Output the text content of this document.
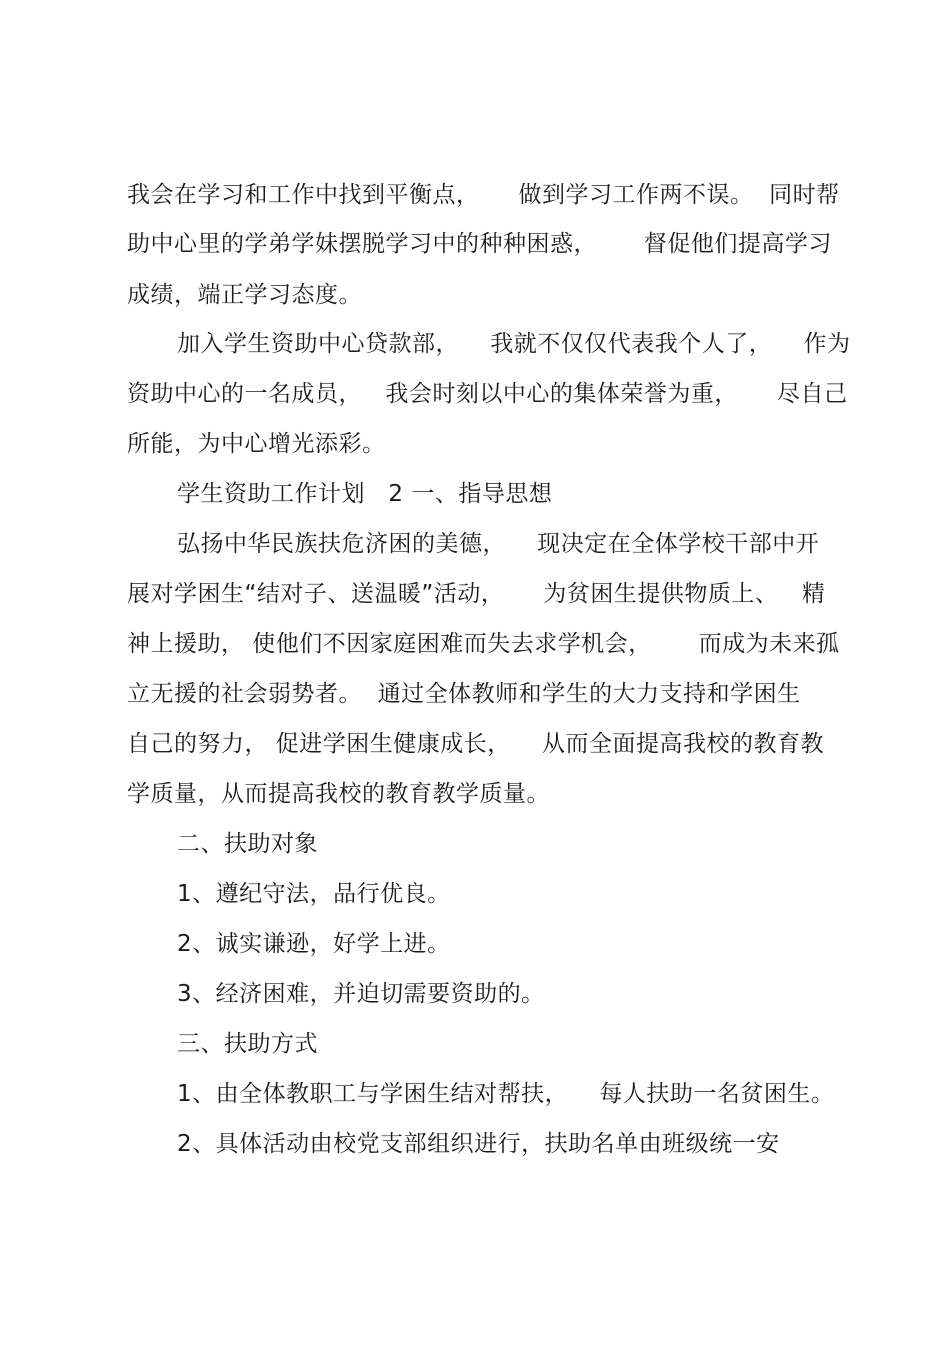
我会在学习和工作中找到平衡点，     做到学习工作两不误。  同时帮
助中心里的学弟学妹摆脱学习中的种种困惑，      督促他们提高学习
成绩，端正学习态度。
加入学生资助中心贷款部，    我就不仅仅代表我个人了，    作为
资助中心的一名成员，   我会时刻以中心的集体荣誉为重，     尽自己
所能，为中心增光添彩。
学生资助工作计划   2 一、指导思想
弘扬中华民族扶危济困的美德，    现决定在全体学校干部中开
展对学困生“结对子、送温暖”活动，     为贫困生提供物质上、   精
神上援助， 使他们不因家庭困难而失去求学机会，      而成为未来孤
立无援的社会弱势者。  通过全体教师和学生的大力支持和学困生
自己的努力， 促进学困生健康成长，    从而全面提高我校的教育教
学质量，从而提高我校的教育教学质量。
二、扶助对象
1、遵纪守法，品行优良。
2、诚实谦逊，好学上进。
3、经济困难，并迫切需要资助的。
三、扶助方式
1、由全体教职工与学困生结对帮扶，    每人扶助一名贫困生。
2、具体活动由校党支部组织进行，扶助名单由班级统一安
